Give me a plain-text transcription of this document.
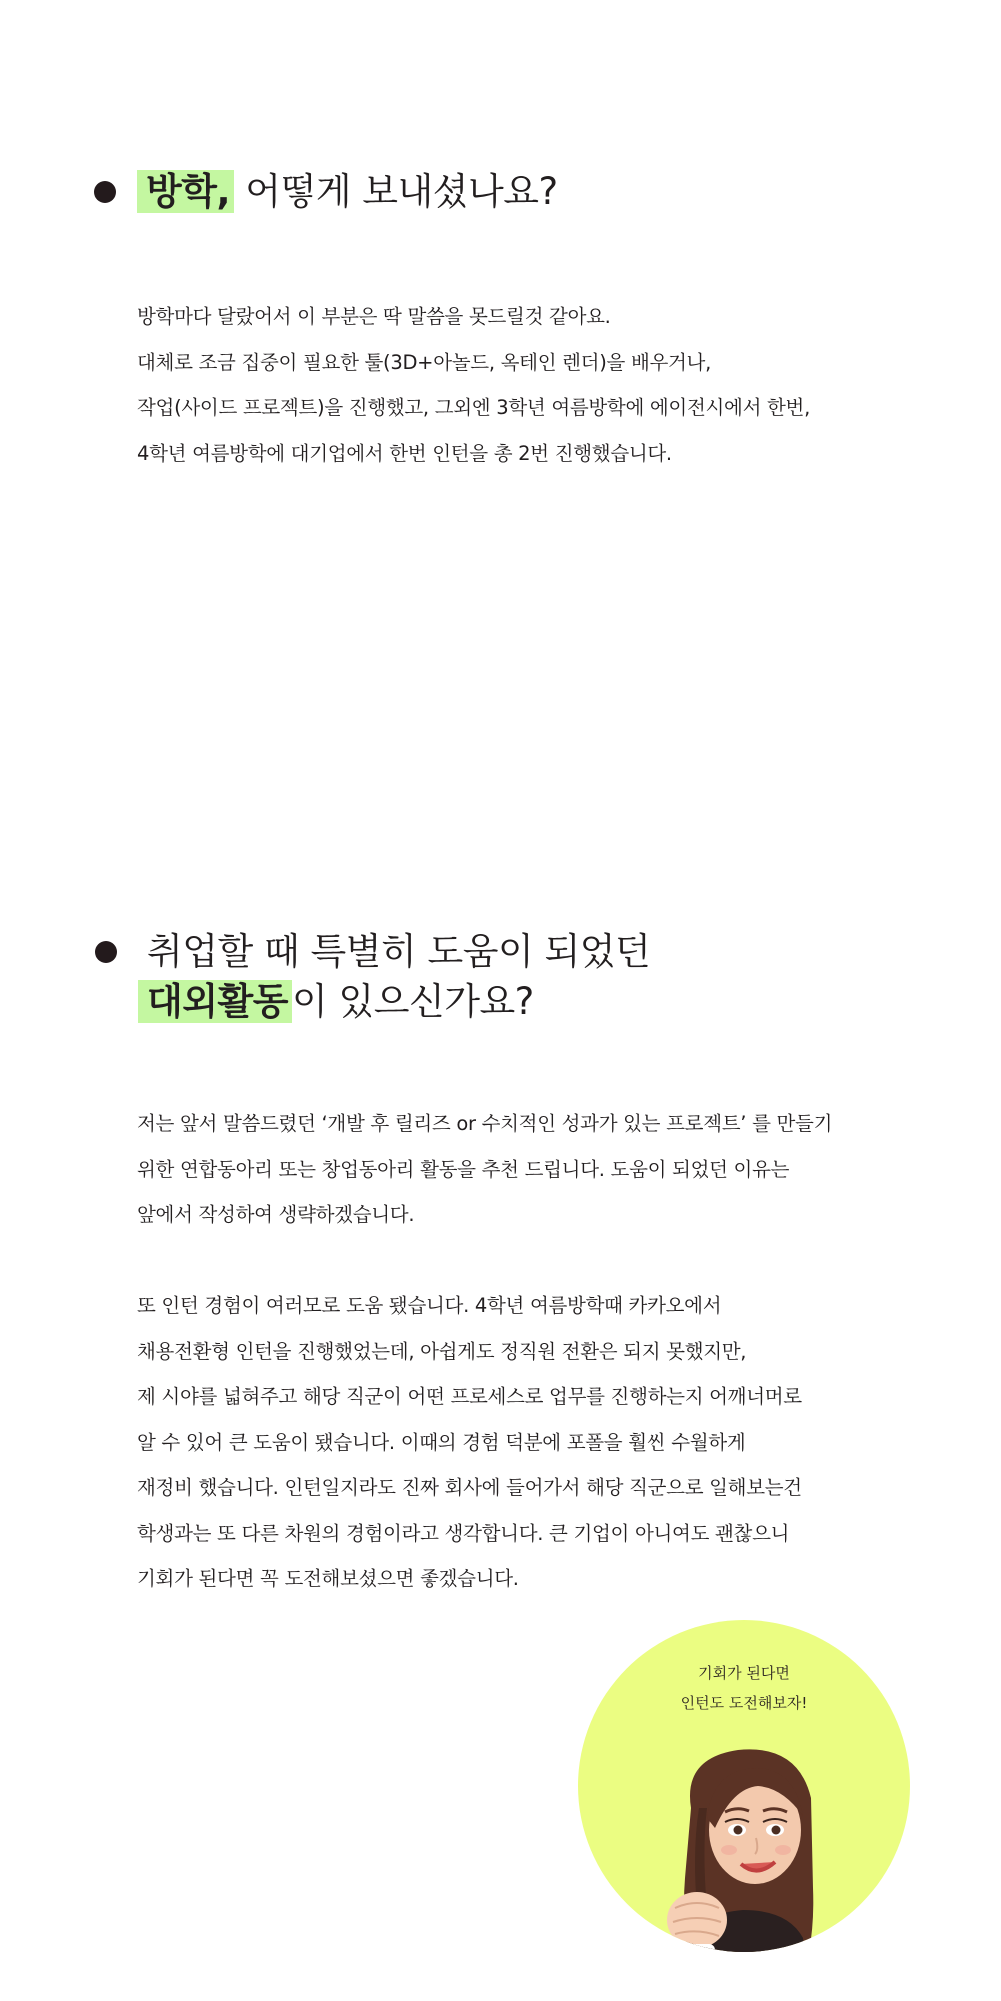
방학, 어떻게 보내셨나요?
방학마다 달랐어서 이 부분은 딱 말씀을 못드릴것 같아요.
대체로 조금 집중이 필요한 툴(3D+아놀드, 옥테인 렌더)을 배우거나,
작업(사이드 프로젝트)을 진행했고, 그외엔 3학년 여름방학에 에이전시에서 한번,
4학년 여름방학에 대기업에서 한번 인턴을 총 2번 진행했습니다.
취업할 때 특별히 도움이 되었던
대외활동 이 있으신가요?
저는 앞서 말씀드렸던 ‘개발 후 릴리즈 or 수치적인 성과가 있는 프로젝트’ 를 만들기
위한 연합동아리 또는 창업동아리 활동을 추천 드립니다. 도움이 되었던 이유는
앞에서 작성하여 생략하겠습니다.
또 인턴 경험이 여러모로 도움 됐습니다. 4학년 여름방학때 카카오에서
채용전환형 인턴을 진행했었는데, 아쉽게도 정직원 전환은 되지 못했지만,
제 시야를 넓혀주고 해당 직군이 어떤 프로세스로 업무를 진행하는지 어깨너머로
알 수 있어 큰 도움이 됐습니다. 이때의 경험 덕분에 포폴을 훨씬 수월하게
재정비 했습니다. 인턴일지라도 진짜 회사에 들어가서 해당 직군으로 일해보는건
학생과는 또 다른 차원의 경험이라고 생각합니다. 큰 기업이 아니여도 괜찮으니
기회가 된다면 꼭 도전해보셨으면 좋겠습니다.
기회가 된다면
인턴도 도전해보자!
